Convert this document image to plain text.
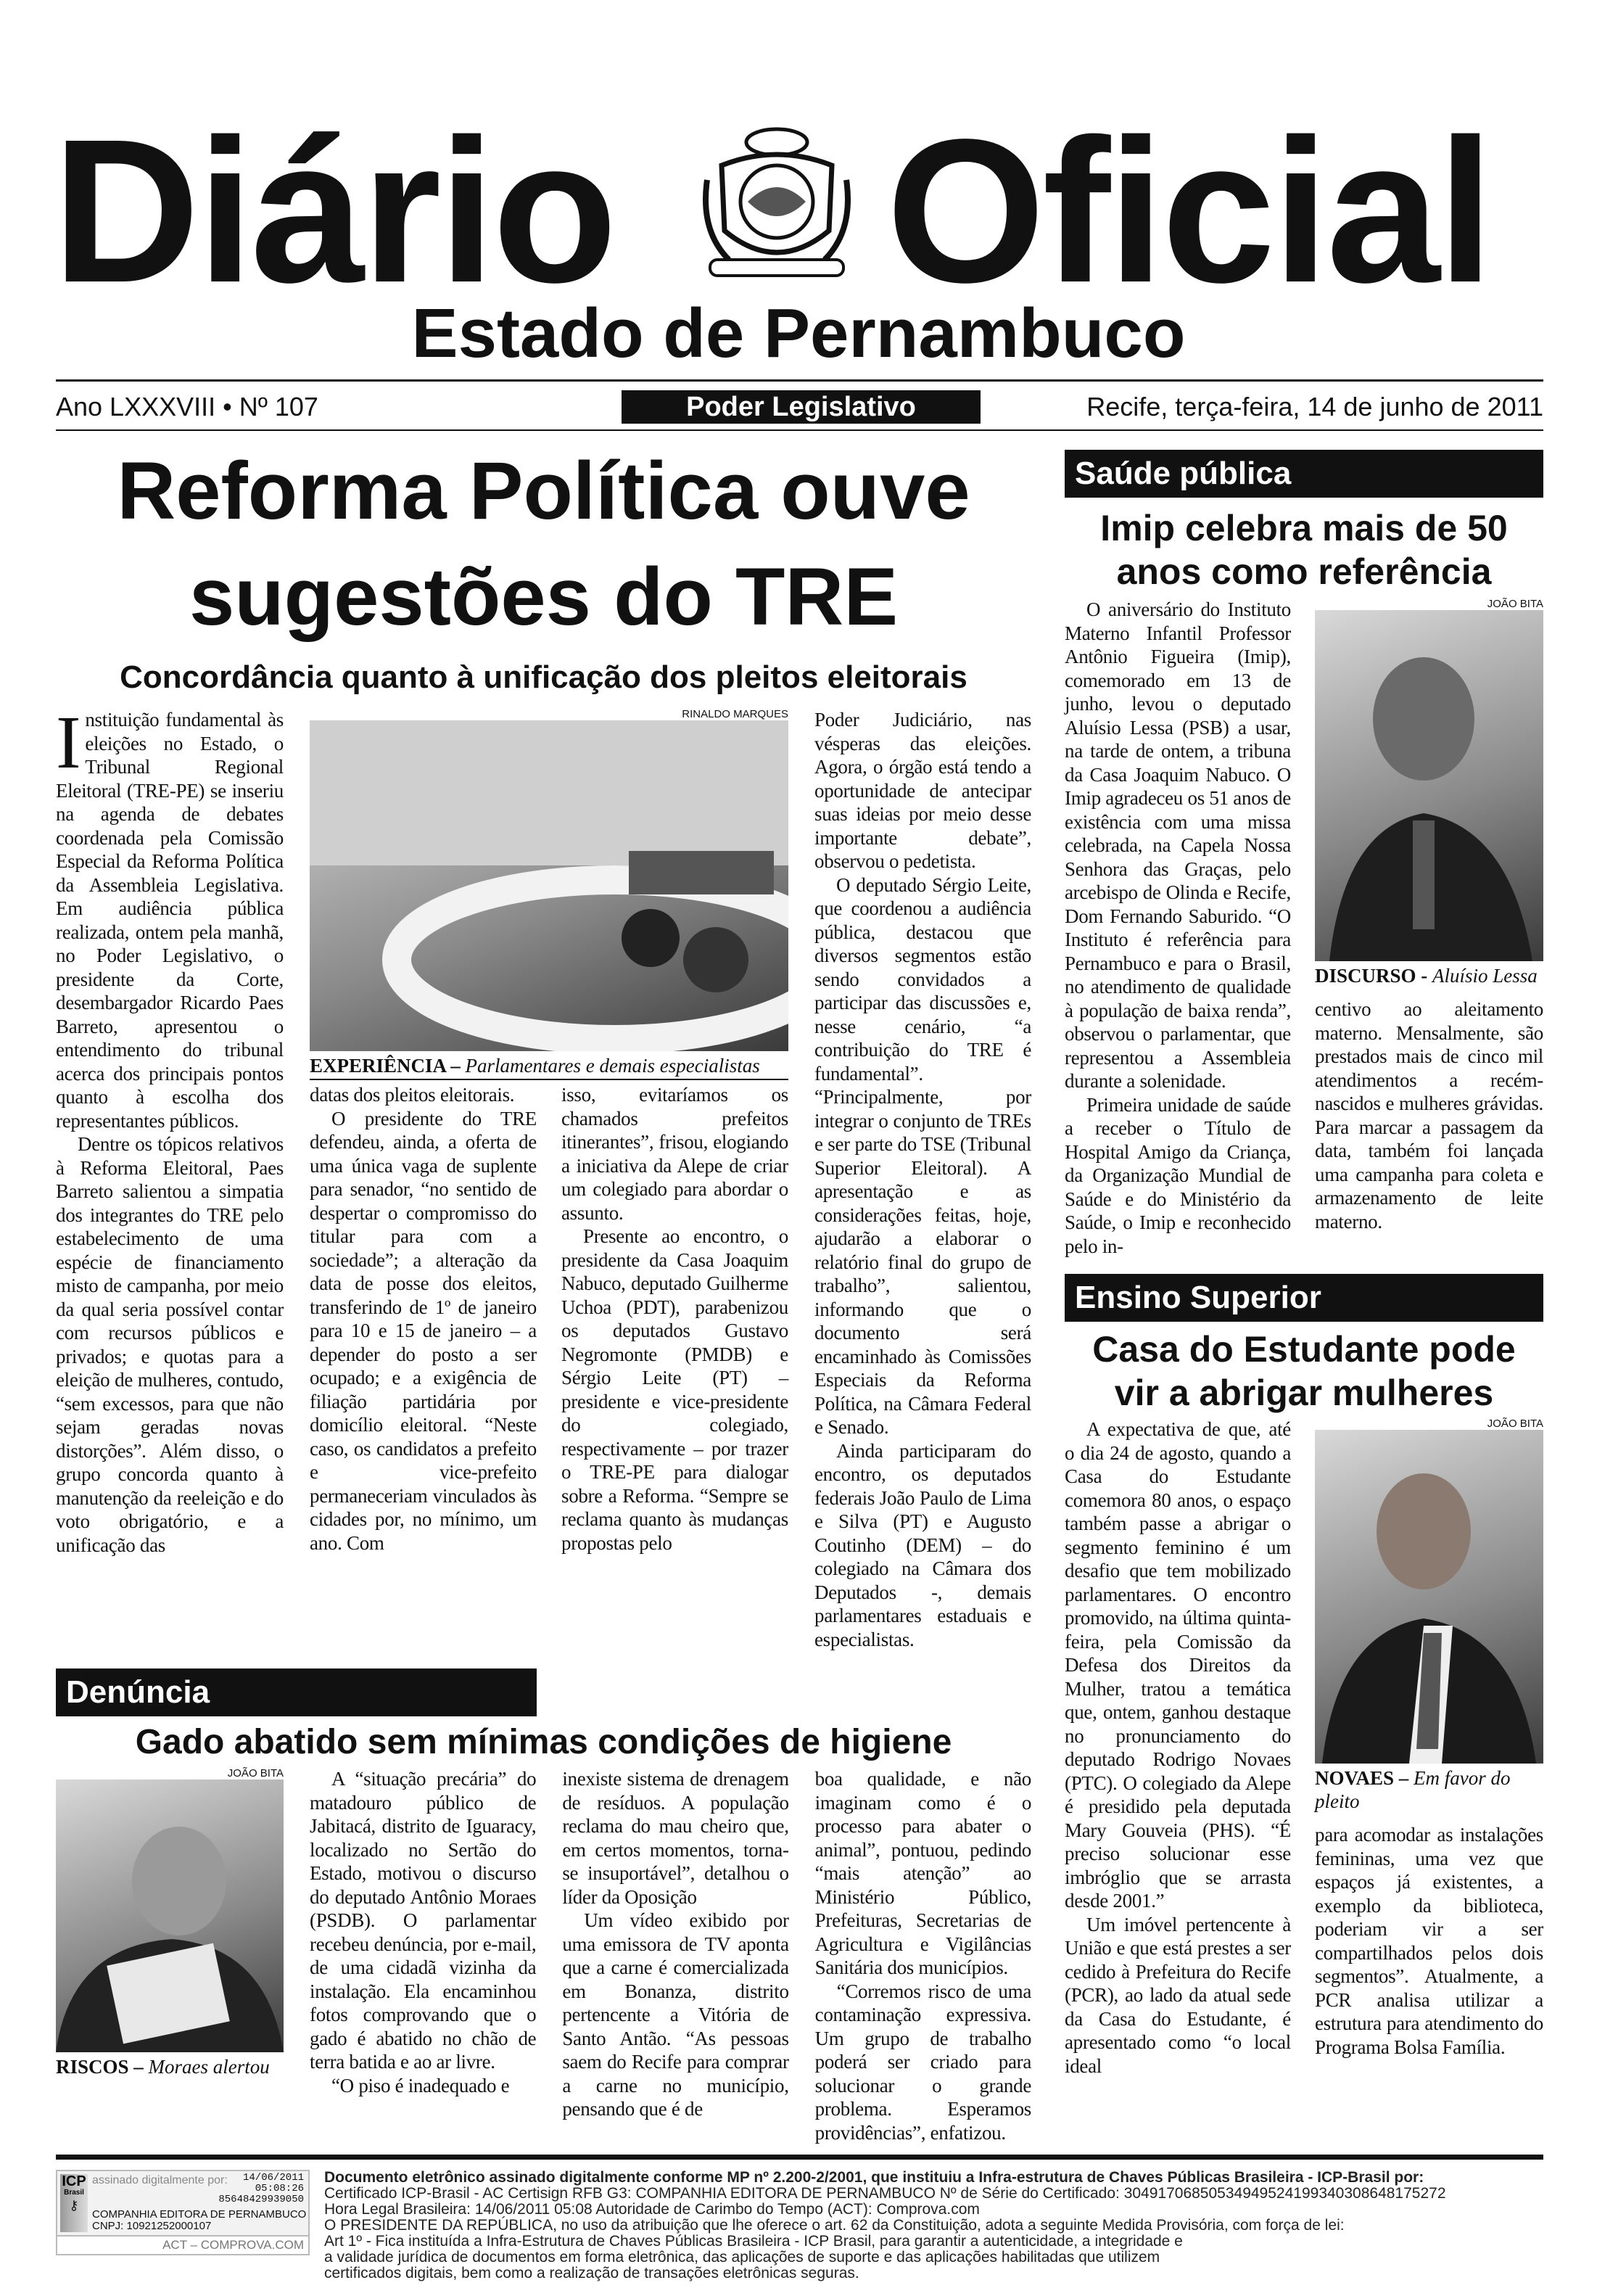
Diário Oficial
Estado de Pernambuco
Ano LXXXVIII • Nº 107	Poder Legislativo	Recife, terça-feira, 14 de junho de 2011
Reforma Política ouve
sugestões do TRE
Concordância quanto à unificação dos pleitos eleitorais

Instituição fundamental às eleições no Estado, o Tribunal Regional Eleitoral (TRE-PE) se inseriu na agenda de debates coordenada pela Comissão Especial da Reforma Política da Assembleia Legislativa. Em audiência pública realizada, ontem pela manhã, no Poder Legislativo, o presidente da Corte, desembargador Ricardo Paes Barreto, apresentou o entendimento do tribunal acerca dos principais pontos quanto à escolha dos representantes públicos.

Dentre os tópicos relativos à Reforma Eleitoral, Paes Barreto salientou a simpatia dos integrantes do TRE pelo estabelecimento de uma espécie de financiamento misto de campanha, por meio da qual seria possível contar com recursos públicos e privados; e quotas para a eleição de mulheres, contudo, “sem excessos, para que não sejam geradas novas distorções”. Além disso, o grupo concorda quanto à manutenção da reeleição e do voto obrigatório, e a unificação das

RINALDO MARQUES
EXPERIÊNCIA – Parlamentares e demais especialistas

datas dos pleitos eleitorais.

O presidente do TRE defendeu, ainda, a oferta de uma única vaga de suplente para senador, “no sentido de despertar o compromisso do titular para com a sociedade”; a alteração da data de posse dos eleitos, transferindo de 1º de janeiro para 10 e 15 de janeiro – a depender do posto a ser ocupado; e a exigência de filiação partidária por domicílio eleitoral. “Neste caso, os candidatos a prefeito e vice-prefeito permaneceriam vinculados às cidades por, no mínimo, um ano. Com

isso, evitaríamos os chamados prefeitos itinerantes”, frisou, elogiando a iniciativa da Alepe de criar um colegiado para abordar o assunto.

Presente ao encontro, o presidente da Casa Joaquim Nabuco, deputado Guilherme Uchoa (PDT), parabenizou os deputados Gustavo Negromonte (PMDB) e Sérgio Leite (PT) – presidente e vice-presidente do colegiado, respectivamente – por trazer o TRE-PE para dialogar sobre a Reforma. “Sempre se reclama quanto às mudanças propostas pelo

Poder Judiciário, nas vésperas das eleições. Agora, o órgão está tendo a oportunidade de antecipar suas ideias por meio desse importante debate”, observou o pedetista.

O deputado Sérgio Leite, que coordenou a audiência pública, destacou que diversos segmentos estão sendo convidados a participar das discussões e, nesse cenário, “a contribuição do TRE é fundamental”. “Principalmente, por integrar o conjunto de TREs e ser parte do TSE (Tribunal Superior Eleitoral). A apresentação e as considerações feitas, hoje, ajudarão a elaborar o relatório final do grupo de trabalho”, salientou, informando que o documento será encaminhado às Comissões Especiais da Reforma Política, na Câmara Federal e Senado.

Ainda participaram do encontro, os deputados federais João Paulo de Lima e Silva (PT) e Augusto Coutinho (DEM) – do colegiado na Câmara dos Deputados -, demais parlamentares estaduais e especialistas.

Denúncia
Gado abatido sem mínimas condições de higiene
JOÃO BITA
RISCOS – Moraes alertou

A “situação precária” do matadouro público de Jabitacá, distrito de Iguaracy, localizado no Sertão do Estado, motivou o discurso do deputado Antônio Moraes (PSDB). O parlamentar recebeu denúncia, por e-mail, de uma cidadã vizinha da instalação. Ela encaminhou fotos comprovando que o gado é abatido no chão de terra batida e ao ar livre.

“O piso é inadequado e

inexiste sistema de drenagem de resíduos. A população reclama do mau cheiro que, em certos momentos, torna-se insuportável”, detalhou o líder da Oposição

Um vídeo exibido por uma emissora de TV aponta que a carne é comercializada em Bonanza, distrito pertencente a Vitória de Santo Antão. “As pessoas saem do Recife para comprar a carne no município, pensando que é de

boa qualidade, e não imaginam como é o processo para abater o animal”, pontuou, pedindo “mais atenção” ao Ministério Público, Prefeituras, Secretarias de Agricultura e Vigilâncias Sanitária dos municípios.

“Corremos risco de uma contaminação expressiva. Um grupo de trabalho poderá ser criado para solucionar o grande problema. Esperamos providências”, enfatizou.

Saúde pública
Imip celebra mais de 50
anos como referência

O aniversário do Instituto Materno Infantil Professor Antônio Figueira (Imip), comemorado em 13 de junho, levou o deputado Aluísio Lessa (PSB) a usar, na tarde de ontem, a tribuna da Casa Joaquim Nabuco. O Imip agradeceu os 51 anos de existência com uma missa celebrada, na Capela Nossa Senhora das Graças, pelo arcebispo de Olinda e Recife, Dom Fernando Saburido. “O Instituto é referência para Pernambuco e para o Brasil, no atendimento de qualidade à população de baixa renda”, observou o parlamentar, que representou a Assembleia durante a solenidade.

Primeira unidade de saúde a receber o Título de Hospital Amigo da Criança, da Organização Mundial de Saúde e do Ministério da Saúde, o Imip e reconhecido pelo in-

JOÃO BITA
DISCURSO - Aluísio Lessa

centivo ao aleitamento materno. Mensalmente, são prestados mais de cinco mil atendimentos a recém-nascidos e mulheres grávidas. Para marcar a passagem da data, também foi lançada uma campanha para coleta e armazenamento de leite materno.

Ensino Superior
Casa do Estudante pode
vir a abrigar mulheres

A expectativa de que, até o dia 24 de agosto, quando a Casa do Estudante comemora 80 anos, o espaço também passe a abrigar o segmento feminino é um desafio que tem mobilizado parlamentares. O encontro promovido, na última quinta-feira, pela Comissão da Defesa dos Direitos da Mulher, tratou a temática que, ontem, ganhou destaque no pronunciamento do deputado Rodrigo Novaes (PTC). O colegiado da Alepe é presidido pela deputada Mary Gouveia (PHS). “É preciso solucionar esse imbróglio que se arrasta desde 2001.”

Um imóvel pertencente à União e que está prestes a ser cedido à Prefeitura do Recife (PCR), ao lado da atual sede da Casa do Estudante, é apresentado como “o local ideal

JOÃO BITA
NOVAES – Em favor do pleito

para acomodar as instalações femininas, uma vez que espaços já existentes, a exemplo da biblioteca, poderiam vir a ser compartilhados pelos dois segmentos”. Atualmente, a PCR analisa utilizar a estrutura para atendimento do Programa Bolsa Família.

ICP
Brasil
⚷
assinado digitalmente por:	14/06/2011
05:08:26
85648429939050
COMPANHIA EDITORA DE PERNAMBUCO
CNPJ: 10921252000107
ACT – COMPROVA.COM
Documento eletrônico assinado digitalmente conforme MP nº 2.200-2/2001, que instituiu a Infra-estrutura de Chaves Públicas Brasileira - ICP-Brasil por:
Certificado ICP-Brasil - AC Certisign RFB G3: COMPANHIA EDITORA DE PERNAMBUCO Nº de Série do Certificado: 30491706850534949524199340308648175272
Hora Legal Brasileira: 14/06/2011 05:08 Autoridade de Carimbo do Tempo (ACT): Comprova.com
O PRESIDENTE DA REPÚBLICA, no uso da atribuição que lhe oferece o art. 62 da Constituição, adota a seguinte Medida Provisória, com força de lei:
Art 1º - Fica instituída a Infra-Estrutura de Chaves Públicas Brasileira - ICP Brasil, para garantir a autenticidade, a integridade e a validade jurídica de documentos em forma eletrônica, das aplicações de suporte e das aplicações habilitadas que utilizem certificados digitais, bem como a realização de transações eletrônicas seguras.
